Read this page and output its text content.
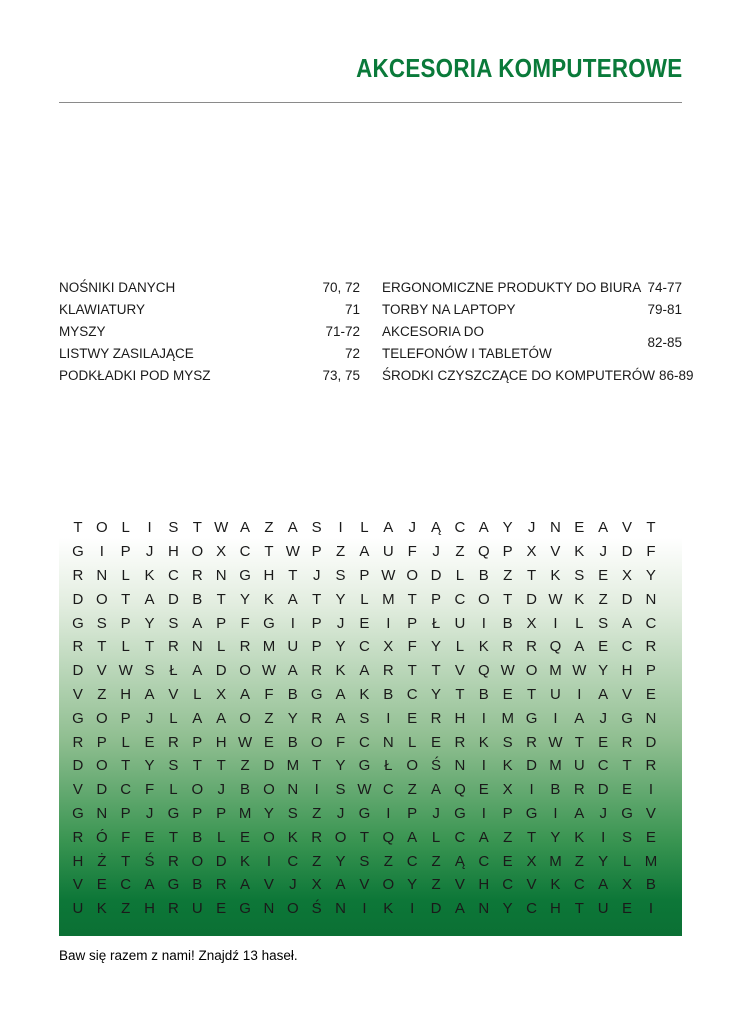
AKCESORIA KOMPUTEROWE
NOŚNIKI DANYCH	70, 72
KLAWIATURY	71
MYSZY	71-72
LISTWY ZASILAJĄCE	72
PODKŁADKI POD MYSZ	73, 75
ERGONOMICZNE PRODUKTY DO BIURA 74-77
TORBY NA LAPTOPY	79-81
AKCESORIA DO TELEFONÓW I TABLETÓW
82-85
ŚRODKI CZYSZCZĄCE DO KOMPUTERÓW 86-89
T O L	I	S T W A Z A S	I	L A	J	Ą C A Y	J N E A V T
G	I	P	J H O X C T W P Z A U F	J	Z Q P X V K	J D F
R N L K C R N G H T	J	S P W O D L B Z T K S E X Y
D O T A D B T Y K A T Y L M T P C O T D W K Z D N
G S P Y S A P F G	I	P	J	E	I	P Ł U	I	B X	I	L S A C
R T	L	T R N L R M U P Y C X F Y L K R R Q A E C R
D V W S Ł A D O W A R K A R T T V Q W O M W Y H P
V Z H A V L X A F B G A K B C Y T B E T U	I	A V E
G O P	J	L A A O Z Y R A S	I	E R H	I	M G	I	A	J G N
R P L E R P H W E B O F C N L E R K S R W T E R D
D O T Y S T T Z D M T Y G Ł O Ś N	I	K D M U C T R
V D C F	L O J	B O N	I	S W C Z A Q E X	I	B R D E	I
G N P	J G P P M Y S Z	J G	I	P	J G	I	P G	I	A	J G V
R Ó F E T B L E O K R O T Q A L C A Z T Y K	I	S E
H Ż T Ś R O D K	I	C Z Y S Z C Z Ą C E X M Z Y L M
V E C A G B R A V	J	X A V O Y Z V H C V K C A X B
U K Z H R U E G N O Ś N	I	K	I	D A N Y C H T U E	I
Baw się razem z nami! Znajdź 13 haseł.
